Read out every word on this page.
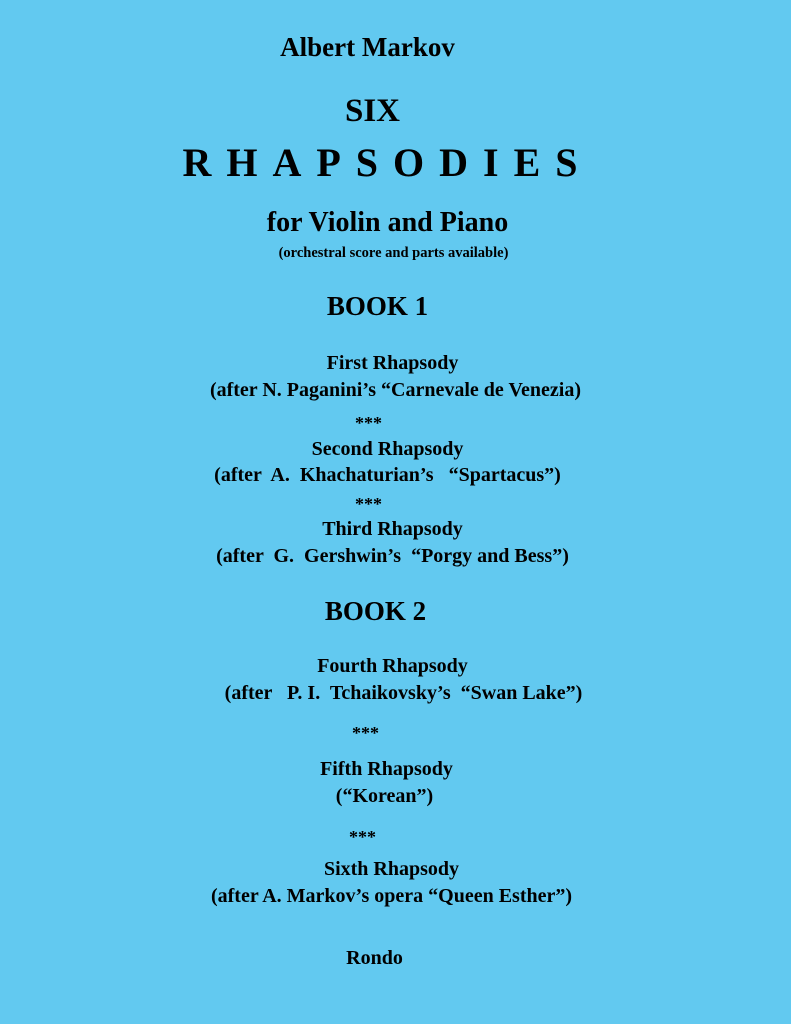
Albert Markov
SIX
RHAPSODIES
for Violin and Piano
(orchestral score and parts available)
BOOK 1
First Rhapsody
(after N. Paganini’s “Carnevale de Venezia)
***
Second Rhapsody
(after  A.  Khachaturian’s   “Spartacus”)
***
Third Rhapsody
(after  G.  Gershwin’s  “Porgy and Bess”)
BOOK 2
Fourth Rhapsody
(after   P. I.  Tchaikovsky’s  “Swan Lake”)
***
Fifth Rhapsody
(“Korean”)
***
Sixth Rhapsody
(after A. Markov’s opera “Queen Esther”)
Rondo
